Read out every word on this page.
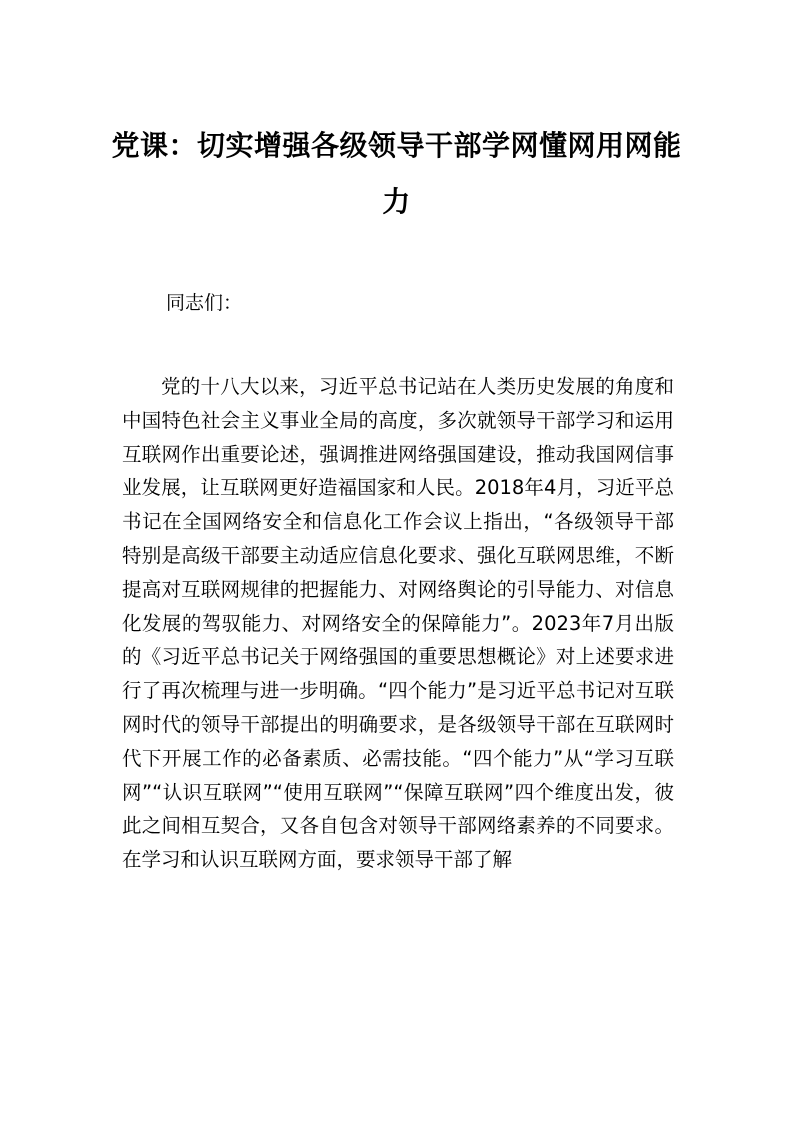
党课：切实增强各级领导干部学网懂网用网能力

同志们：

党的十八大以来，习近平总书记站在人类历史发展的角度和中国特色社会主义事业全局的高度，多次就领导干部学习和运用互联网作出重要论述，强调推进网络强国建设，推动我国网信事业发展，让互联网更好造福国家和人民。2018年4月，习近平总书记在全国网络安全和信息化工作会议上指出，“各级领导干部特别是高级干部要主动适应信息化要求、强化互联网思维，不断提高对互联网规律的把握能力、对网络舆论的引导能力、对信息化发展的驾驭能力、对网络安全的保障能力”。2023年7月出版的《习近平总书记关于网络强国的重要思想概论》对上述要求进行了再次梳理与进一步明确。“四个能力”是习近平总书记对互联网时代的领导干部提出的明确要求，是各级领导干部在互联网时代下开展工作的必备素质、必需技能。“四个能力”从“学习互联网”“认识互联网”“使用互联网”“保障互联网”四个维度出发，彼此之间相互契合，又各自包含对领导干部网络素养的不同要求。在学习和认识互联网方面，要求领导干部了解
